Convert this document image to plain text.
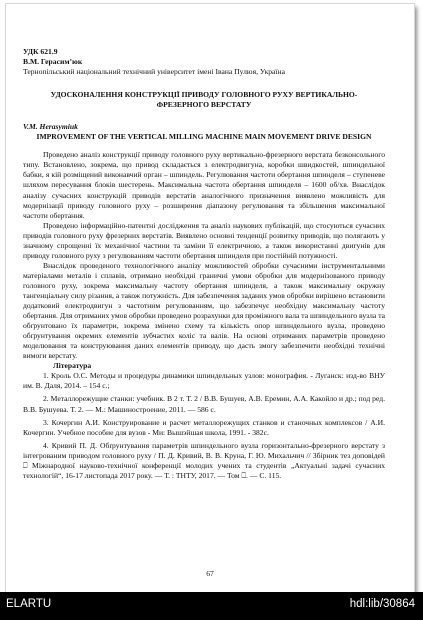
УДК 621.9

В.М. Герасим’юк

Тернопільський національний технічний університет імені Івана Пулюя, Україна

УДОСКОНАЛЕННЯ КОНСТРУКЦІЇ ПРИВОДУ ГОЛОВНОГО РУХУ ВЕРТИКАЛЬНО-ФРЕЗЕРНОГО ВЕРСТАТУ

V.M. Herasymiuk

IMPROVEMENT OF THE VERTICAL MILLING MACHINE MAIN MOVEMENT DRIVE DESIGN

Проведено аналіз конструкції приводу головного руху вертикально-фрезерного верстата безконсольного типу. Встановлено, зокрема, що привод складається з електродвигуна, коробки швидкостей, шпиндельної бабки, я кій розміщений виконавчий орган – шпиндель. Регулювання частоти обертання шпинделя – ступеневе шляхом пересування блоків шестерень. Максимальна частота обертання шпинделя – 1600 об/хв. Внаслідок аналізу сучасних конструкцій приводів верстатів аналогічного призначення виявлено можливість для модернізації приводу головного руху – розширення діапазону регулювання та збільшення максимальної частоти обертання.

Проведено інформаційно-патентні дослідження та аналіз наукових публікацій, що стосуються сучасних приводів головного руху фрезерних верстатів. Виявлено основні тенденції розвитку приводів, що полягають у значному спрощенні їх механічної частини та заміни її електричною, а також використанні двигунів для приводу головного руху з регулюванням частоти обертання шпинделя при постійній потужності.

Внаслідок проведеного технологічного аналізу можливостей обробки сучасними інструментальними матеріалами металів і сплавів, отримано необхідні граничні умови обробки для модернізованого приводу головного руху, зокрема максимальну частоту обертання шпинделя, а також максимальну окружну тангенціальну силу різання, а також потужність. Для забезпечення заданих умов обробки вирішено встановити додатковий електродвигун з частотним регулюванням, що забезпечує необхідну максимальну частоту обертання. Для отриманих умов обробки проведено розрахунки для проміжного вала та шпиндельного вузла та обґрунтовано їх параметри, зокрема змінено схему та кількість опор шпиндельного вузла, проведено обґрунтування окремих елементів зубчастих коліс та валів. На основі отриманих параметрів проведено моделювання та конструювання даних елементів приводу, що дасть змогу забезпечити необхідні технічні вимоги верстату.

Література

1. Кроль О.С. Методы и процедуры динамики шпиндельных узлов: монография. - Луганск: изд-во ВНУ им. В. Даля, 2014. – 154 с.;

2. Металлорежущие станки: учебник. В 2 т. Т. 2 / В.В. Бушуев, А.В. Еремин, А.А. Какойло и др.; под ред. В.В. Бушуева. Т. 2. — М.: Машиностроение, 2011. — 586 с.

3. Кочергин А.И. Конструирование и расчет металлорежущих станков и станочных комплексов / А.И. Кочергин. Учебное пособие для вузов - Ми: Вышэйшая школа, 1991. - 382с.

4. Кривий П. Д. Обґрунтування параметрів шпиндельного вузла горизонтально-фрезерного верстату з інтегрованим приводом головного руху / П. Д. Кривий, В. В. Круна, Г. Ю. Михальчич // Збірник тез доповідей ⎕ Міжнародної науково-технічної конференції молодих учених та студентів „Актуальні задачі сучасних технологій“, 16-17 листопада 2017 року. — Т. : ТНТУ, 2017. — Том ⎕. — С. 115.

67
ELARTU	hdl:lib/30864
